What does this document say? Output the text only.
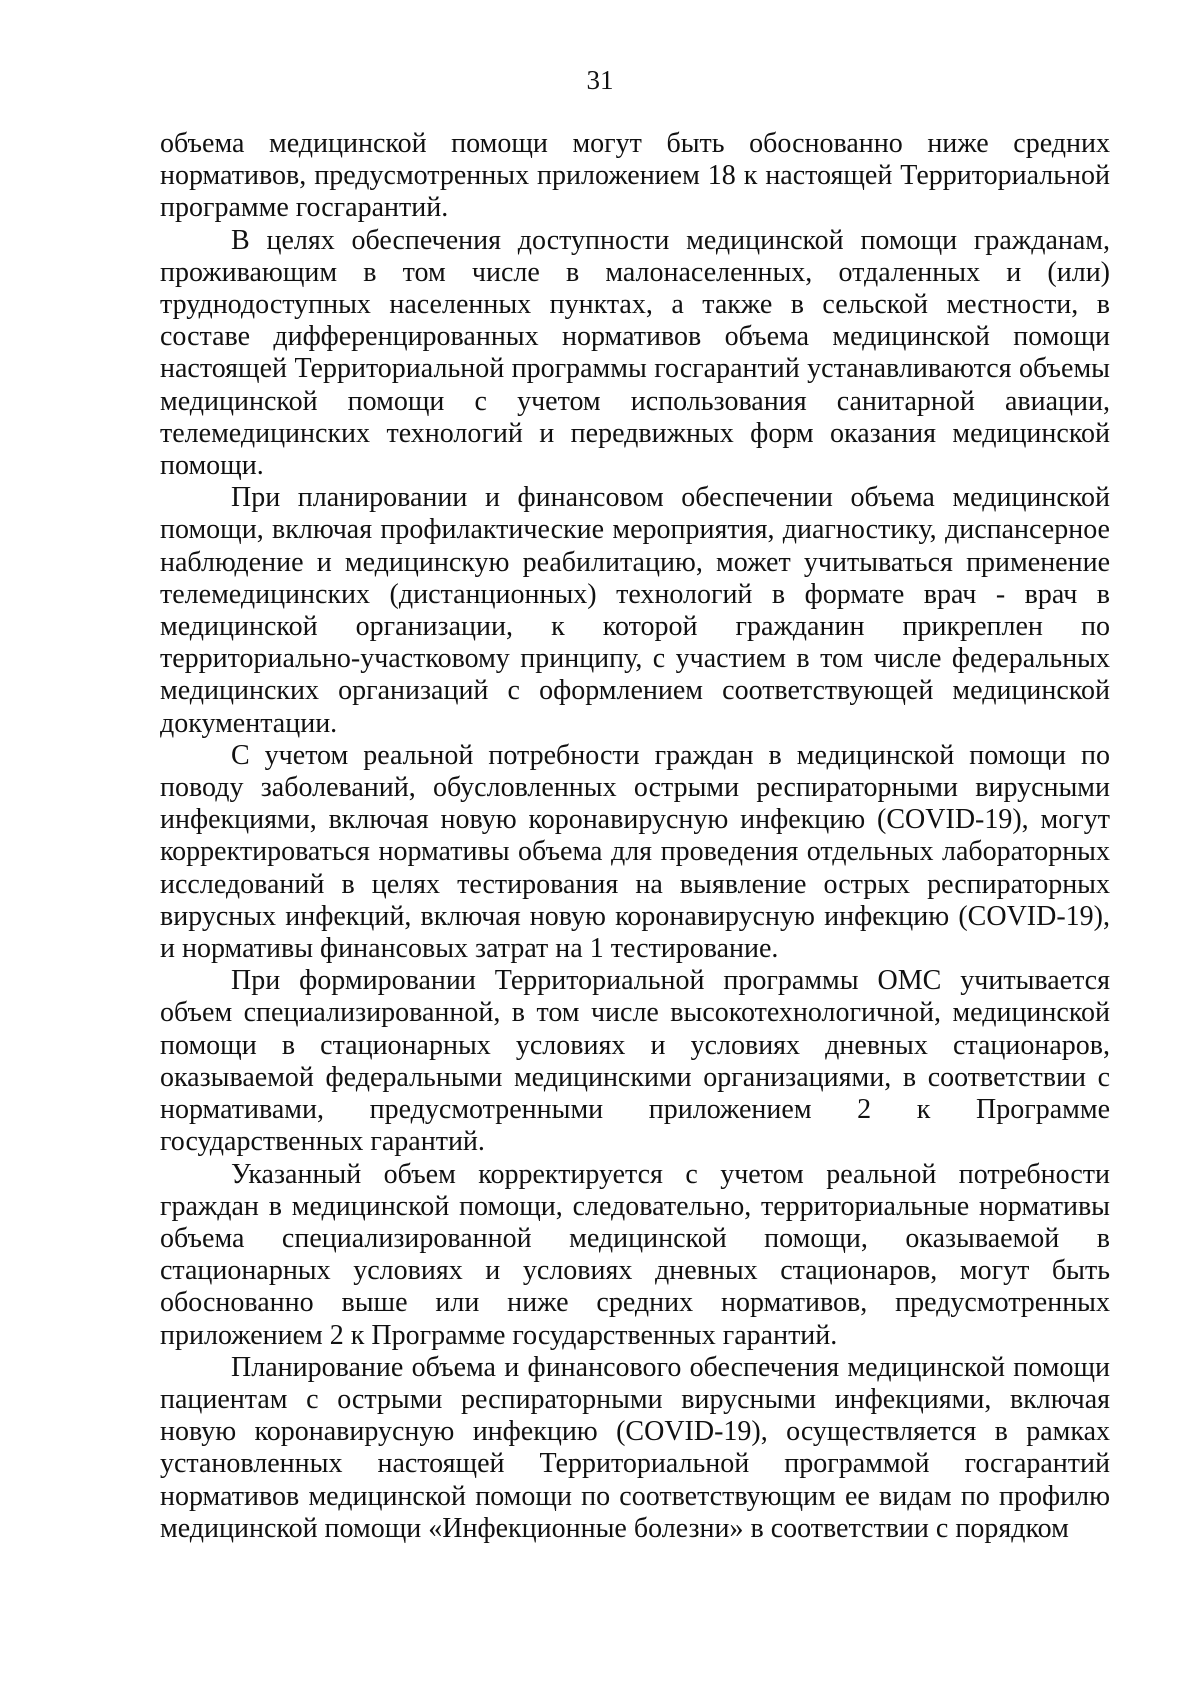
31

объема медицинской помощи могут быть обоснованно ниже средних нормативов, предусмотренных приложением 18 к настоящей Территориальной программе госгарантий.

В целях обеспечения доступности медицинской помощи гражданам, проживающим в том числе в малонаселенных, отдаленных и (или) труднодоступных населенных пунктах, а также в сельской местности, в составе дифференцированных нормативов объема медицинской помощи настоящей Территориальной программы госгарантий устанавливаются объемы медицинской помощи с учетом использования санитарной авиации, телемедицинских технологий и передвижных форм оказания медицинской помощи.

При планировании и финансовом обеспечении объема медицинской помощи, включая профилактические мероприятия, диагностику, диспансерное наблюдение и медицинскую реабилитацию, может учитываться применение телемедицинских (дистанционных) технологий в формате врач - врач в медицинской организации, к которой гражданин прикреплен по территориально-участковому принципу, с участием в том числе федеральных медицинских организаций с оформлением соответствующей медицинской документации.

С учетом реальной потребности граждан в медицинской помощи по поводу заболеваний, обусловленных острыми респираторными вирусными инфекциями, включая новую коронавирусную инфекцию (COVID-19), могут корректироваться нормативы объема для проведения отдельных лабораторных исследований в целях тестирования на выявление острых респираторных вирусных инфекций, включая новую коронавирусную инфекцию (COVID-19), и нормативы финансовых затрат на 1 тестирование.

При формировании Территориальной программы ОМС учитывается объем специализированной, в том числе высокотехнологичной, медицинской помощи в стационарных условиях и условиях дневных стационаров, оказываемой федеральными медицинскими организациями, в соответствии с нормативами, предусмотренными приложением 2 к Программе государственных гарантий.

Указанный объем корректируется с учетом реальной потребности граждан в медицинской помощи, следовательно, территориальные нормативы объема специализированной медицинской помощи, оказываемой в стационарных условиях и условиях дневных стационаров, могут быть обоснованно выше или ниже средних нормативов, предусмотренных приложением 2 к Программе государственных гарантий.

Планирование объема и финансового обеспечения медицинской помощи пациентам с острыми респираторными вирусными инфекциями, включая новую коронавирусную инфекцию (COVID-19), осуществляется в рамках установленных настоящей Территориальной программой госгарантий нормативов медицинской помощи по соответствующим ее видам по профилю медицинской помощи «Инфекционные болезни» в соответствии с порядком
